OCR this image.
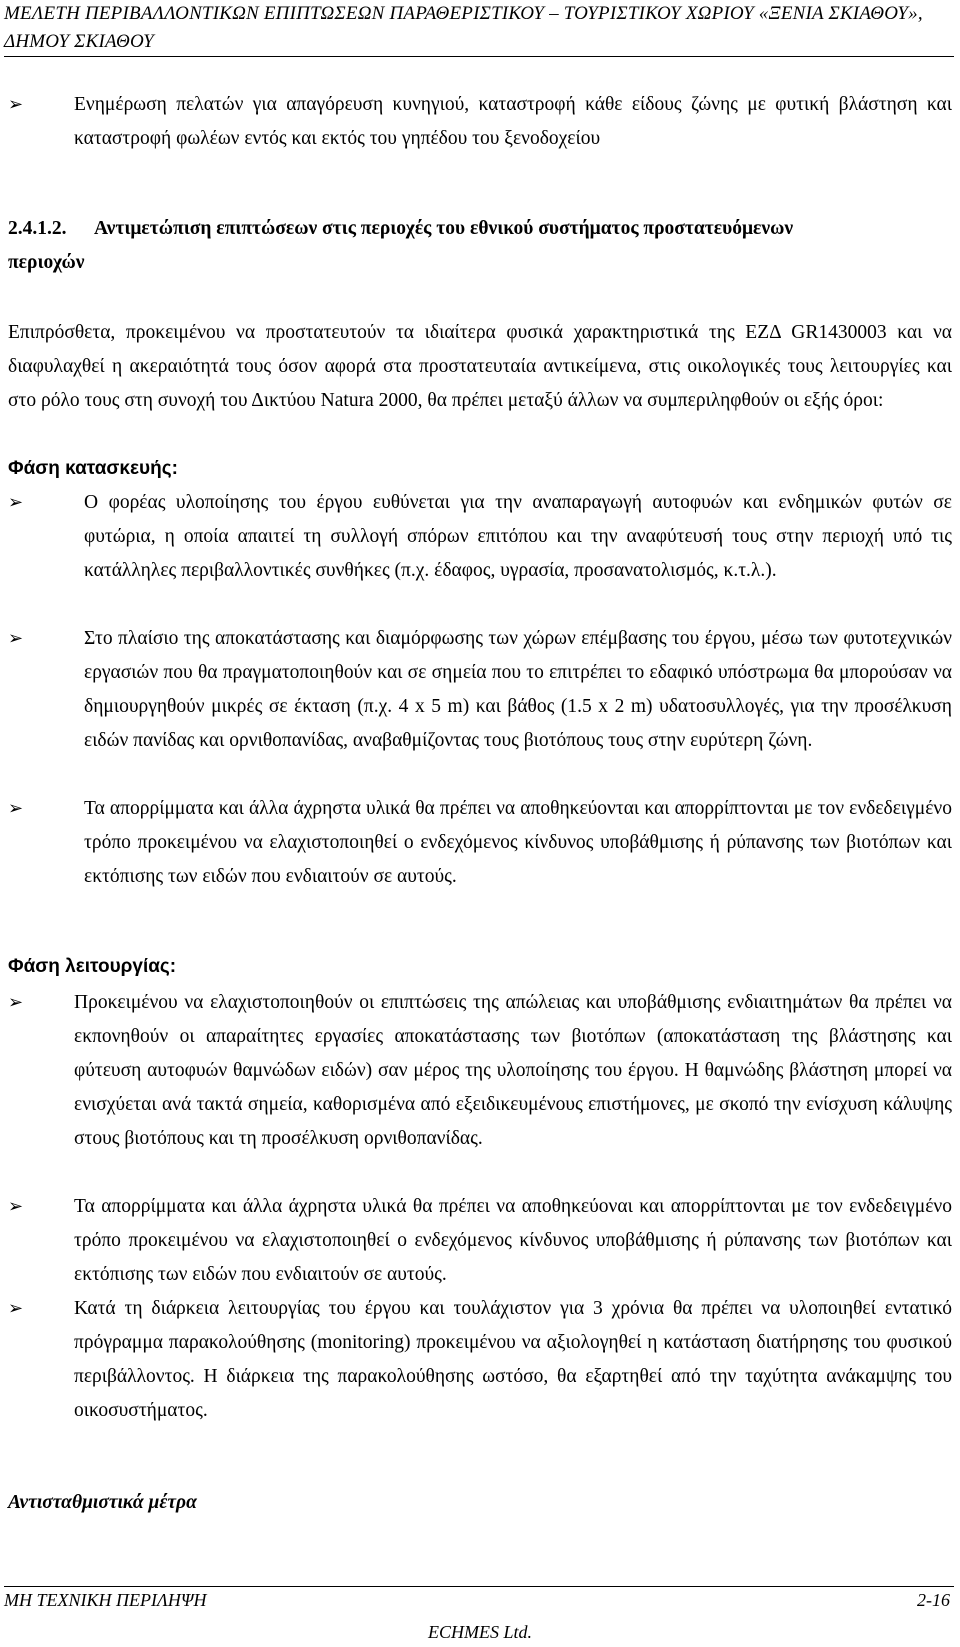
ΜΕΛΕΤΗ ΠΕΡΙΒΑΛΛΟΝΤΙΚΩΝ ΕΠΙΠΤΩΣΕΩΝ ΠΑΡΑΘΕΡΙΣΤΙΚΟΥ – ΤΟΥΡΙΣΤΙΚΟΥ ΧΩΡΙΟΥ «ΞΕΝΙΑ ΣΚΙΑΘΟΥ»,
ΔΗΜΟΥ ΣΚΙΑΘΟΥ
➢	Ενημέρωση πελατών για απαγόρευση κυνηγιού, καταστροφή κάθε είδους ζώνης με φυτική βλάστηση και καταστροφή φωλέων εντός και εκτός του γηπέδου του ξενοδοχείου
2.4.1.2. Αντιμετώπιση επιπτώσεων στις περιοχές του εθνικού συστήματος προστατευόμενων
περιοχών
Επιπρόσθετα, προκειμένου να προστατευτούν τα ιδιαίτερα φυσικά χαρακτηριστικά της ΕΖΔ GR1430003 και να διαφυλαχθεί η ακεραιότητά τους όσον αφορά στα προστατευταία αντικείμενα, στις οικολογικές τους λειτουργίες και στο ρόλο τους στη συνοχή του Δικτύου Natura 2000, θα πρέπει μεταξύ άλλων να συμπεριληφθούν οι εξής όροι:
Φάση κατασκευής:
➢	Ο φορέας υλοποίησης του έργου ευθύνεται για την αναπαραγωγή αυτοφυών και ενδημικών φυτών σε φυτώρια, η οποία απαιτεί τη συλλογή σπόρων επιτόπου και την αναφύτευσή τους στην περιοχή υπό τις κατάλληλες περιβαλλοντικές συνθήκες (π.χ. έδαφος, υγρασία, προσανατολισμός, κ.τ.λ.).
➢	Στο πλαίσιο της αποκατάστασης και διαμόρφωσης των χώρων επέμβασης του έργου, μέσω των φυτοτεχνικών εργασιών που θα πραγματοποιηθούν και σε σημεία που το επιτρέπει το εδαφικό υπόστρωμα θα μπορούσαν να δημιουργηθούν μικρές σε έκταση (π.χ. 4 x 5 m) και βάθος (1.5 x 2 m) υδατοσυλλογές, για την προσέλκυση ειδών πανίδας και ορνιθοπανίδας, αναβαθμίζοντας τους βιοτόπους τους στην ευρύτερη ζώνη.
➢	Τα απορρίμματα και άλλα άχρηστα υλικά θα πρέπει να αποθηκεύονται και απορρίπτονται με τον ενδεδειγμένο τρόπο προκειμένου να ελαχιστοποιηθεί ο ενδεχόμενος κίνδυνος υποβάθμισης ή ρύπανσης των βιοτόπων και εκτόπισης των ειδών που ενδιαιτούν σε αυτούς.
Φάση λειτουργίας:
➢	Προκειμένου να ελαχιστοποιηθούν οι επιπτώσεις της απώλειας και υποβάθμισης ενδιαιτημάτων θα πρέπει να εκπονηθούν οι απαραίτητες εργασίες αποκατάστασης των βιοτόπων (αποκατάσταση της βλάστησης και φύτευση αυτοφυών θαμνώδων ειδών) σαν μέρος της υλοποίησης του έργου. Η θαμνώδης βλάστηση μπορεί να ενισχύεται ανά τακτά σημεία, καθορισμένα από εξειδικευμένους επιστήμονες, με σκοπό την ενίσχυση κάλυψης στους βιοτόπους και τη προσέλκυση ορνιθοπανίδας.
➢	Τα απορρίμματα και άλλα άχρηστα υλικά θα πρέπει να αποθηκεύοναι και απορρίπτονται με τον ενδεδειγμένο τρόπο προκειμένου να ελαχιστοποιηθεί ο ενδεχόμενος κίνδυνος υποβάθμισης ή ρύπανσης των βιοτόπων και εκτόπισης των ειδών που ενδιαιτούν σε αυτούς.
➢	Κατά τη διάρκεια λειτουργίας του έργου και τουλάχιστον για 3 χρόνια θα πρέπει να υλοποιηθεί εντατικό πρόγραμμα παρακολούθησης (monitoring) προκειμένου να αξιολογηθεί η κατάσταση διατήρησης του φυσικού περιβάλλοντος. Η διάρκεια της παρακολούθησης ωστόσο, θα εξαρτηθεί από την ταχύτητα ανάκαμψης του οικοσυστήματος.
Αντισταθμιστικά μέτρα
ΜΗ ΤΕΧΝΙΚΗ ΠΕΡΙΛΗΨΗ	2-16
ECHMES Ltd.
